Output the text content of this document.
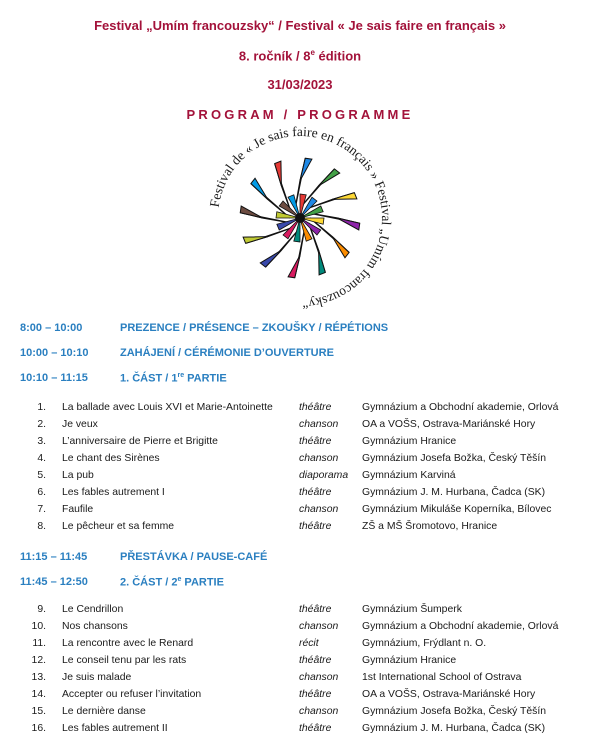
Festival „Umím francouzsky“ / Festival « Je sais faire en français »
8. ročník / 8e édition
31/03/2023
PROGRAM / PROGRAMME
Festival de « Je sais faire en français » Festival „Umím francouzsky“
8:00 – 10:00	PREZENCE / PRÉSENCE – ZKOUŠKY / RÉPÉTIONS
10:00 – 10:10	ZAHÁJENÍ / CÉRÉMONIE D’OUVERTURE
10:10 – 11:15	1. ČÁST / 1re PARTIE
11:15 – 11:45	PŘESTÁVKA / PAUSE-CAFÉ
11:45 – 12:50	2. ČÁST / 2e PARTIE
1. La ballade avec Louis XVI et Marie-Antoinette	théâtre	Gymnázium a Obchodní akademie, Orlová
2. Je veux	chanson OA a VOŠS, Ostrava-Mariánské Hory
3. L’anniversaire de Pierre et Brigitte	théâtre	Gymnázium Hranice
4. Le chant des Sirènes	chanson Gymnázium Josefa Božka, Český Těšín
5. La pub	diaporama Gymnázium Karviná
6. Les fables autrement I	théâtre	Gymnázium J. M. Hurbana, Čadca (SK)
7. Faufile	chanson Gymnázium Mikuláše Koperníka, Bílovec
8. Le pêcheur et sa femme	théâtre	ZŠ a MŠ Šromotovo, Hranice
9. Le Cendrillon	théâtre	Gymnázium Šumperk
10. Nos chansons	chanson Gymnázium a Obchodní akademie, Orlová
11. La rencontre avec le Renard	récit	Gymnázium, Frýdlant n. O.
12. Le conseil tenu par les rats	théâtre	Gymnázium Hranice
13. Je suis malade	chanson 1st International School of Ostrava
14. Accepter ou refuser l’invitation	théâtre	OA a VOŠS, Ostrava-Mariánské Hory
15. Le dernière danse	chanson Gymnázium Josefa Božka, Český Těšín
16. Les fables autrement II	théâtre	Gymnázium J. M. Hurbana, Čadca (SK)
